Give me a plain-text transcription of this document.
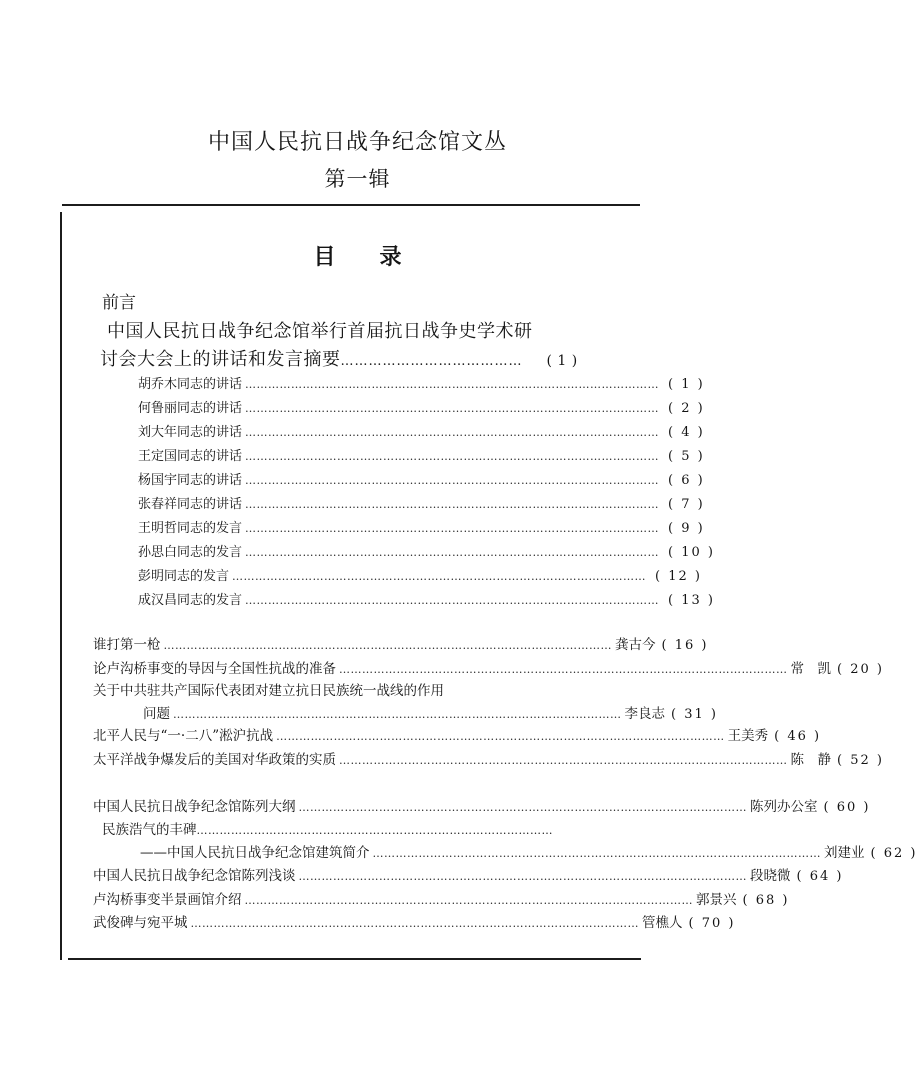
中国人民抗日战争纪念馆文丛
第一辑
目 录
前言
中国人民抗日战争纪念馆举行首届抗日战争史学术研
讨会大会上的讲话和发言摘要………………………………… ( 1 )
胡乔木同志的讲话 ……………………………………………………………………………………………… ( 1 )
何鲁丽同志的讲话 ……………………………………………………………………………………………… ( 2 )
刘大年同志的讲话 ……………………………………………………………………………………………… ( 4 )
王定国同志的讲话 ……………………………………………………………………………………………… ( 5 )
杨国宇同志的讲话 ……………………………………………………………………………………………… ( 6 )
张春祥同志的讲话 ……………………………………………………………………………………………… ( 7 )
王明哲同志的发言 ……………………………………………………………………………………………… ( 9 )
孙思白同志的发言 ……………………………………………………………………………………………… ( 10 )
彭明同志的发言 ……………………………………………………………………………………………… ( 12 )
成汉昌同志的发言 ……………………………………………………………………………………………… ( 13 )
谁打第一枪 ……………………………………………………………………………………………………… 龚古今 ( 16 )
论卢沟桥事变的导因与全国性抗战的准备 ……………………………………………………………………………………………………… 常　凯 ( 20 )
关于中共驻共产国际代表团对建立抗日民族统一战线的作用
问题 ……………………………………………………………………………………………………… 李良志 ( 31 )
北平人民与“一·二八”淞沪抗战 ……………………………………………………………………………………………………… 王美秀 ( 46 )
太平洋战争爆发后的美国对华政策的实质 ……………………………………………………………………………………………………… 陈　静 ( 52 )
中国人民抗日战争纪念馆陈列大纲 ……………………………………………………………………………………………………… 陈列办公室 ( 60 )
民族浩气的丰碑…………………………………………………………………………………
——中国人民抗日战争纪念馆建筑简介 ……………………………………………………………………………………………………… 刘建业 ( 62 )
中国人民抗日战争纪念馆陈列浅谈 ……………………………………………………………………………………………………… 段晓微 ( 64 )
卢沟桥事变半景画馆介绍 ……………………………………………………………………………………………………… 郭景兴 ( 68 )
武俊碑与宛平城 ……………………………………………………………………………………………………… 管樵人 ( 70 )
